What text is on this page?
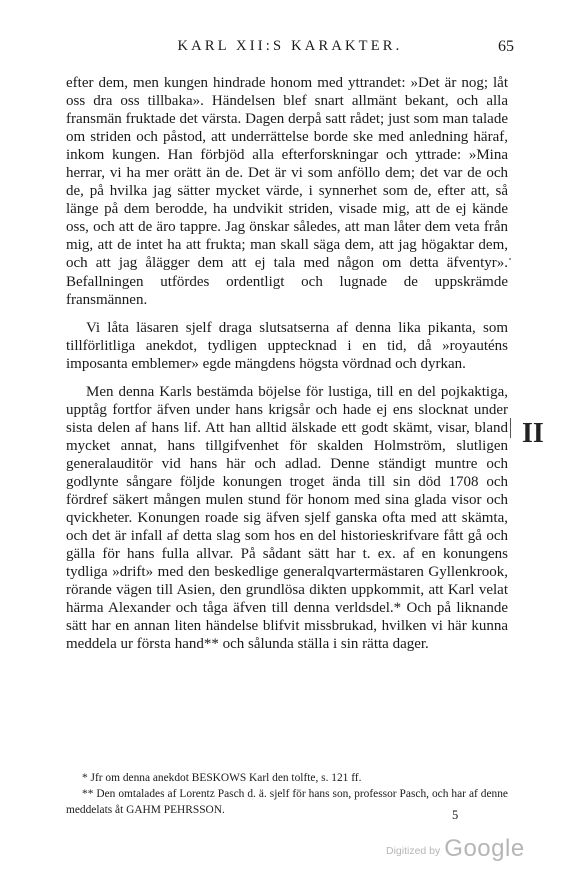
KARL XII:S KARAKTER.	65

efter dem, men kungen hindrade honom med yttrandet: »Det är nog; låt oss dra oss tillbaka». Händelsen blef snart allmänt bekant, och alla fransmän fruktade det värsta. Dagen derpå satt rådet; just som man talade om striden och påstod, att underrättelse borde ske med anledning häraf, inkom kungen. Han förbjöd alla efterforskningar och yttrade: »Mina herrar, vi ha mer orätt än de. Det är vi som anföllo dem; det var de och de, på hvilka jag sätter mycket värde, i synnerhet som de, efter att, så länge på dem berodde, ha undvikit striden, visade mig, att de ej kände oss, och att de äro tappre. Jag önskar således, att man låter dem veta från mig, att de intet ha att frukta; man skall säga dem, att jag högaktar dem, och att jag ålägger dem att ej tala med någon om detta äfventyr». Befallningen utfördes ordentligt och lugnade de uppskrämde fransmännen.

Vi låta läsaren sjelf draga slutsatserna af denna lika pikanta, som tillförlitliga anekdot, tydligen upptecknad i en tid, då »royauténs imposanta emblemer» egde mängdens högsta vördnad och dyrkan.

Men denna Karls bestämda böjelse för lustiga, till en del pojkaktiga, upptåg fortfor äfven under hans krigsår och hade ej ens slocknat under sista delen af hans lif. Att han alltid älskade ett godt skämt, visar, bland mycket annat, hans tillgifvenhet för skalden Holmström, slutligen generalauditör vid hans här och adlad. Denne ständigt muntre och godlynte sångare följde konungen troget ända till sin död 1708 och fördref säkert mången mulen stund för honom med sina glada visor och qvickheter. Konungen roade sig äfven sjelf ganska ofta med att skämta, och det är infall af detta slag som hos en del historieskrifvare fått gå och gälla för hans fulla allvar. På sådant sätt har t. ex. af en konungens tydliga »drift» med den beskedlige generalqvartermästaren Gyllenkrook, rörande vägen till Asien, den grundlösa dikten uppkommit, att Karl velat härma Alexander och tåga äfven till denna verldsdel.* Och på liknande sätt har en annan liten händelse blifvit missbrukad, hvilken vi här kunna meddela ur första hand** och sålunda ställa i sin rätta dager.

* Jfr om denna anekdot BESKOWS Karl den tolfte, s. 121 ff.

** Den omtalades af Lorentz Pasch d. ä. sjelf för hans son, professor Pasch, och har af denne meddelats åt GAHM PEHRSSON.	5
II
Digitized by Google
